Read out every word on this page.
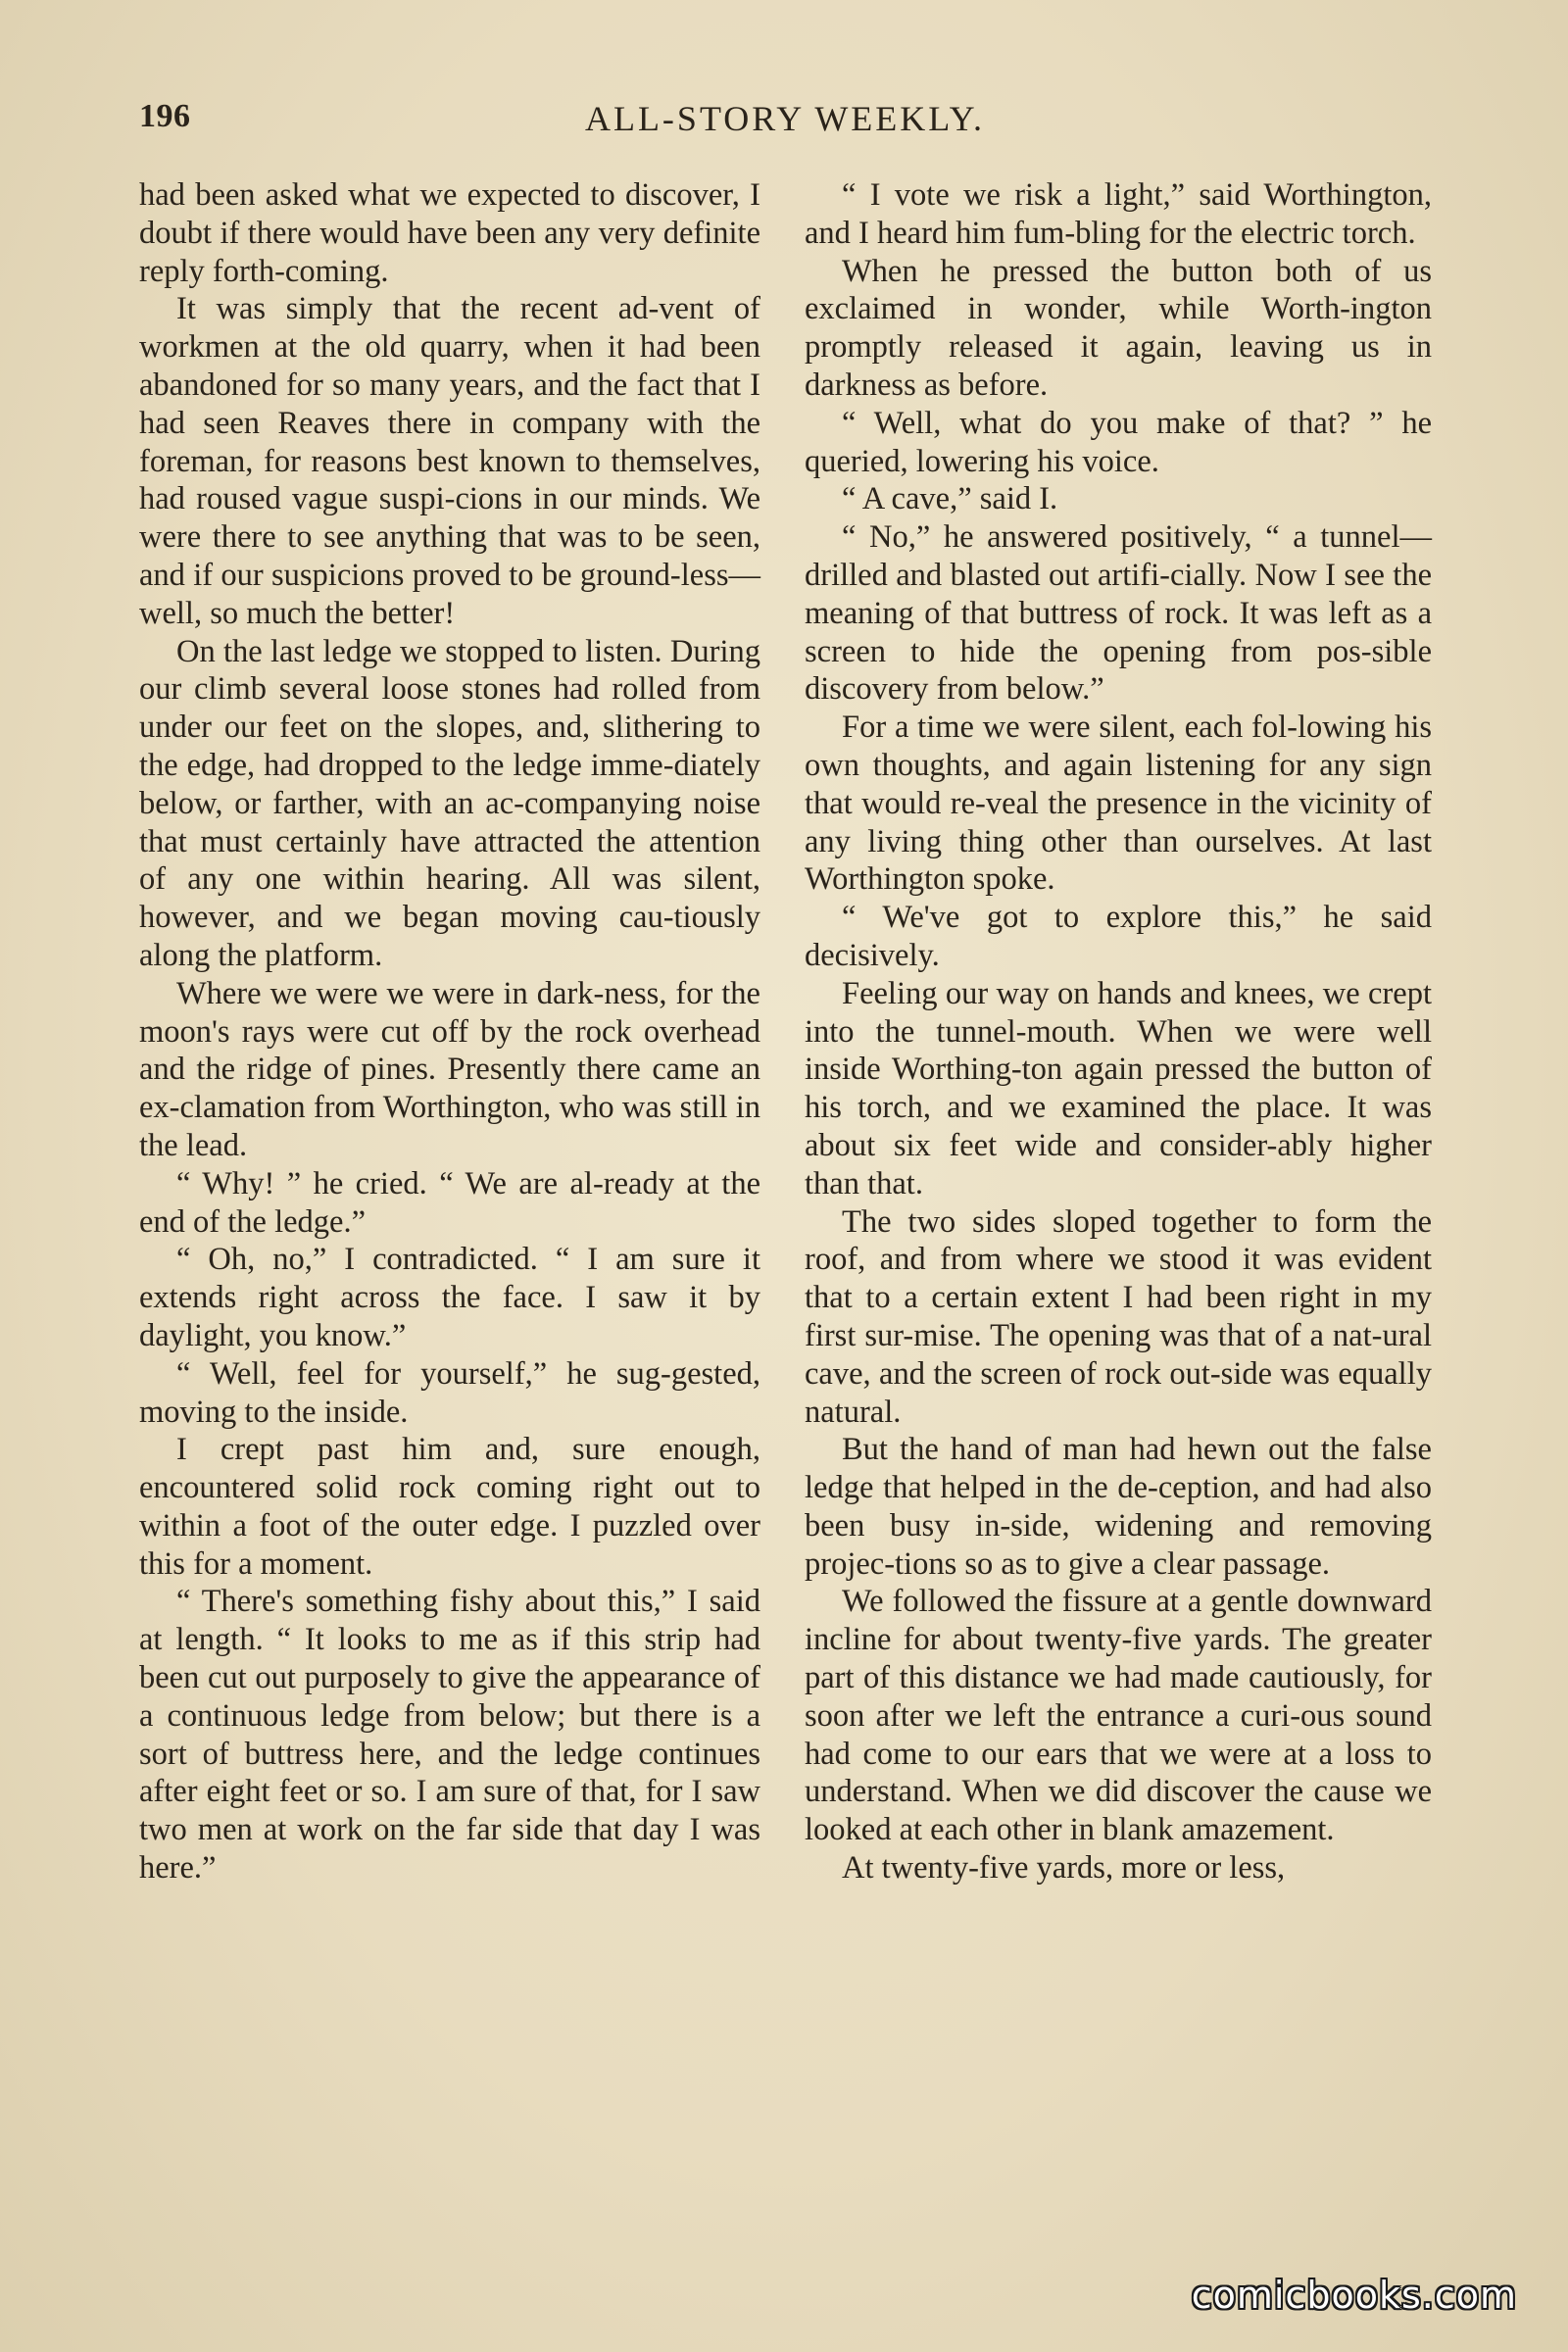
196	ALL-STORY WEEKLY.

had been asked what we expected to discover, I doubt if there would have been any very definite reply forth-coming.

It was simply that the recent ad-vent of workmen at the old quarry, when it had been abandoned for so many years, and the fact that I had seen Reaves there in company with the foreman, for reasons best known to themselves, had roused vague suspi-cions in our minds. We were there to see anything that was to be seen, and if our suspicions proved to be ground-less—well, so much the better!

On the last ledge we stopped to listen. During our climb several loose stones had rolled from under our feet on the slopes, and, slithering to the edge, had dropped to the ledge imme-diately below, or farther, with an ac-companying noise that must certainly have attracted the attention of any one within hearing. All was silent, however, and we began moving cau-tiously along the platform.

Where we were we were in dark-ness, for the moon's rays were cut off by the rock overhead and the ridge of pines. Presently there came an ex-clamation from Worthington, who was still in the lead.

“ Why! ” he cried. “ We are al-ready at the end of the ledge.”

“ Oh, no,” I contradicted. “ I am sure it extends right across the face. I saw it by daylight, you know.”

“ Well, feel for yourself,” he sug-gested, moving to the inside.

I crept past him and, sure enough, encountered solid rock coming right out to within a foot of the outer edge. I puzzled over this for a moment.

“ There's something fishy about this,” I said at length. “ It looks to me as if this strip had been cut out purposely to give the appearance of a continuous ledge from below; but there is a sort of buttress here, and the ledge continues after eight feet or so. I am sure of that, for I saw two men at work on the far side that day I was here.”

“ I vote we risk a light,” said Worthington, and I heard him fum-bling for the electric torch.

When he pressed the button both of us exclaimed in wonder, while Worth-ington promptly released it again, leaving us in darkness as before.

“ Well, what do you make of that? ” he queried, lowering his voice.

“ A cave,” said I.

“ No,” he answered positively, “ a tunnel—drilled and blasted out artifi-cially. Now I see the meaning of that buttress of rock. It was left as a screen to hide the opening from pos-sible discovery from below.”

For a time we were silent, each fol-lowing his own thoughts, and again listening for any sign that would re-veal the presence in the vicinity of any living thing other than ourselves. At last Worthington spoke.

“ We've got to explore this,” he said decisively.

Feeling our way on hands and knees, we crept into the tunnel-mouth. When we were well inside Worthing-ton again pressed the button of his torch, and we examined the place. It was about six feet wide and consider-ably higher than that.

The two sides sloped together to form the roof, and from where we stood it was evident that to a certain extent I had been right in my first sur-mise. The opening was that of a nat-ural cave, and the screen of rock out-side was equally natural.

But the hand of man had hewn out the false ledge that helped in the de-ception, and had also been busy in-side, widening and removing projec-tions so as to give a clear passage.

We followed the fissure at a gentle downward incline for about twenty-five yards. The greater part of this distance we had made cautiously, for soon after we left the entrance a curi-ous sound had come to our ears that we were at a loss to understand. When we did discover the cause we looked at each other in blank amazement.

At twenty-five yards, more or less,

comicbooks.com
